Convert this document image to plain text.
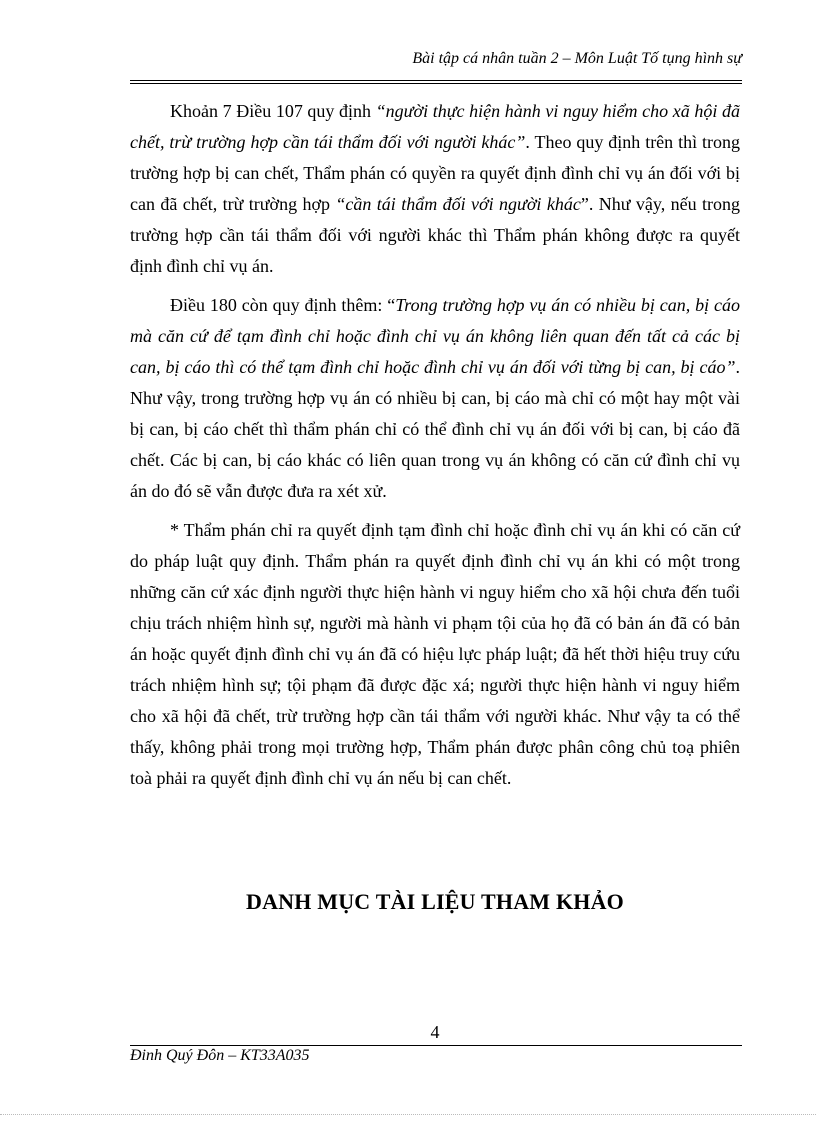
Bài tập cá nhân tuần 2 – Môn Luật Tố tụng hình sự

Khoản 7 Điều 107 quy định “người thực hiện hành vi nguy hiểm cho xã hội đã chết, trừ trường hợp cần tái thẩm đối với người khác”. Theo quy định trên thì trong trường hợp bị can chết, Thẩm phán có quyền ra quyết định đình chỉ vụ án đối với bị can đã chết, trừ trường hợp “cần tái thẩm đối với người khác”. Như vậy, nếu trong trường hợp cần tái thẩm đối với người khác thì Thẩm phán không được ra quyết định đình chỉ vụ án.

Điều 180 còn quy định thêm: “Trong trường hợp vụ án có nhiều bị can, bị cáo mà căn cứ để tạm đình chỉ hoặc đình chỉ vụ án không liên quan đến tất cả các bị can, bị cáo thì có thể tạm đình chỉ hoặc đình chỉ vụ án đối với từng bị can, bị cáo”. Như vậy, trong trường hợp vụ án có nhiều bị can, bị cáo mà chỉ có một hay một vài bị can, bị cáo chết thì thẩm phán chỉ có thể đình chỉ vụ án đối với bị can, bị cáo đã chết. Các bị can, bị cáo khác có liên quan trong vụ án không có căn cứ đình chỉ vụ án do đó sẽ vẫn được đưa ra xét xử.

* Thẩm phán chỉ ra quyết định tạm đình chỉ hoặc đình chỉ vụ án khi có căn cứ do pháp luật quy định. Thẩm phán ra quyết định đình chỉ vụ án khi có một trong những căn cứ xác định người thực hiện hành vi nguy hiểm cho xã hội chưa đến tuổi chịu trách nhiệm hình sự, người mà hành vi phạm tội của họ đã có bản án đã có bản án hoặc quyết định đình chỉ vụ án đã có hiệu lực pháp luật; đã hết thời hiệu truy cứu trách nhiệm hình sự; tội phạm đã được đặc xá; người thực hiện hành vi nguy hiểm cho xã hội đã chết, trừ trường hợp cần tái thẩm với người khác. Như vậy ta có thể thấy, không phải trong mọi trường hợp, Thẩm phán được phân công chủ toạ phiên toà phải ra quyết định đình chỉ vụ án nếu bị can chết.

DANH MỤC TÀI LIỆU THAM KHẢO
4
Đinh Quý Đôn – KT33A035
